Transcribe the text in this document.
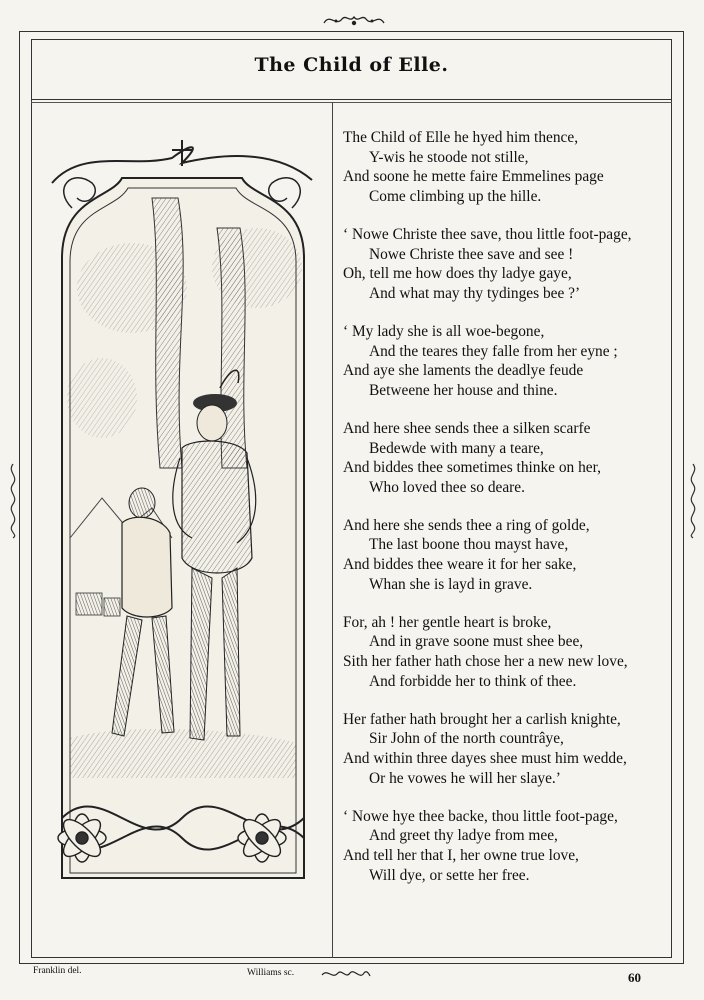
The Child of Elle.
The Child of Elle he hyed him thence,
Y-wis he stoode not stille,
And soone he mette faire Emmelines page
Come climbing up the hille.
‘ Nowe Christe thee save, thou little foot-page,
Nowe Christe thee save and see !
Oh, tell me how does thy ladye gaye,
And what may thy tydinges bee ?’
‘ My lady she is all woe-begone,
And the teares they falle from her eyne ;
And aye she laments the deadlye feude
Betweene her house and thine.
And here shee sends thee a silken scarfe
Bedewde with many a teare,
And biddes thee sometimes thinke on her,
Who loved thee so deare.
And here she sends thee a ring of golde,
The last boone thou mayst have,
And biddes thee weare it for her sake,
Whan she is layd in grave.
For, ah ! her gentle heart is broke,
And in grave soone must shee bee,
Sith her father hath chose her a new new love,
And forbidde her to think of thee.
Her father hath brought her a carlish knighte,
Sir John of the north countrâye,
And within three dayes shee must him wedde,
Or he vowes he will her slaye.’
‘ Nowe hye thee backe, thou little foot-page,
And greet thy ladye from mee,
And tell her that I, her owne true love,
Will dye, or sette her free.
Franklin del.	Williams sc.	60
